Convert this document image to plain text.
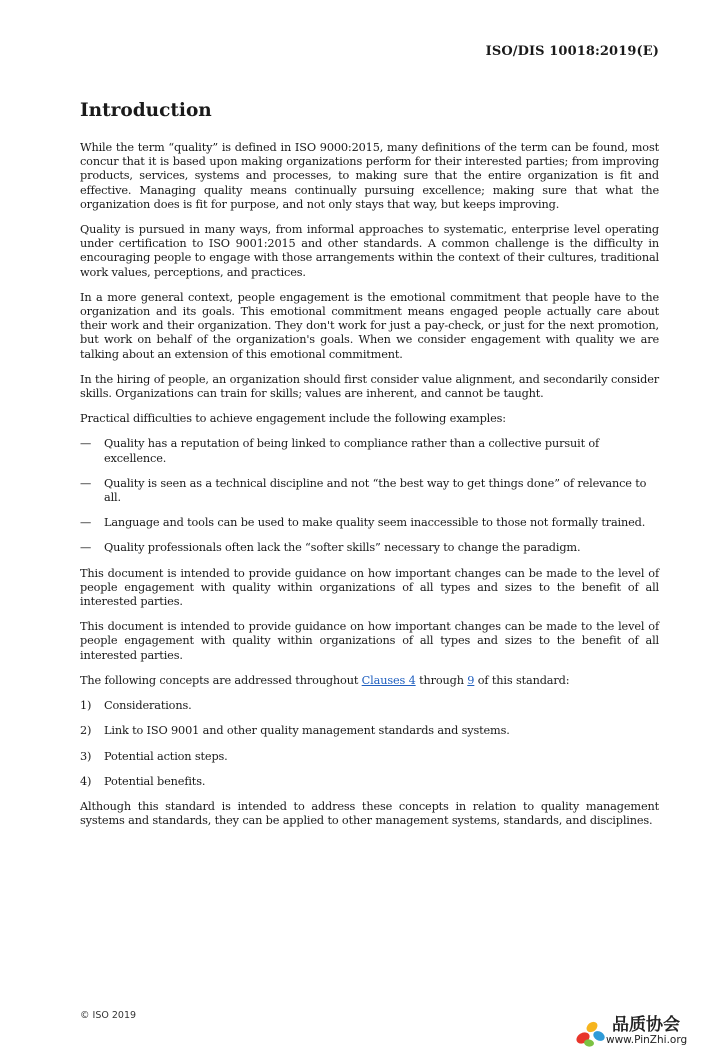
ISO/DIS 10018:2019(E)
Introduction

While the term “quality” is defined in ISO 9000:2015, many definitions of the term can be found, most concur that it is based upon making organizations perform for their interested parties; from improving products, services, systems and processes, to making sure that the entire organization is fit and effective. Managing quality means continually pursuing excellence; making sure that what the organization does is fit for purpose, and not only stays that way, but keeps improving.

Quality is pursued in many ways, from informal approaches to systematic, enterprise level operating under certification to ISO 9001:2015 and other standards. A common challenge is the difficulty in encouraging people to engage with those arrangements within the context of their cultures, traditional work values, perceptions, and practices.

In a more general context, people engagement is the emotional commitment that people have to the organization and its goals. This emotional commitment means engaged people actually care about their work and their organization. They don't work for just a pay-check, or just for the next promotion, but work on behalf of the organization's goals. When we consider engagement with quality we are talking about an extension of this emotional commitment.

In the hiring of people, an organization should first consider value alignment, and secondarily consider skills. Organizations can train for skills; values are inherent, and cannot be taught.

Practical difficulties to achieve engagement include the following examples:

—	Quality has a reputation of being linked to compliance rather than a collective pursuit of excellence.
—	Quality is seen as a technical discipline and not “the best way to get things done” of relevance to all.
—	Language and tools can be used to make quality seem inaccessible to those not formally trained.
—	Quality professionals often lack the “softer skills” necessary to change the paradigm.

This document is intended to provide guidance on how important changes can be made to the level of people engagement with quality within organizations of all types and sizes to the benefit of all interested parties.

This document is intended to provide guidance on how important changes can be made to the level of people engagement with quality within organizations of all types and sizes to the benefit of all interested parties.

The following concepts are addressed throughout Clauses 4 through 9 of this standard:

1)	Considerations.
2)	Link to ISO 9001 and other quality management standards and systems.
3)	Potential action steps.
4)	Potential benefits.

Although this standard is intended to address these concepts in relation to quality management systems and standards, they can be applied to other management systems, standards, and disciplines.

© ISO 2019	品质协会
www.PinZhi.org
